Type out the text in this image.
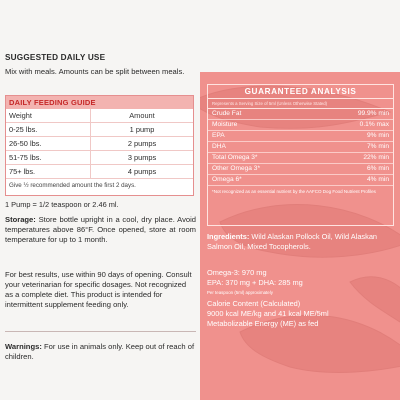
SUGGESTED DAILY USE
Mix with meals. Amounts can be split between meals.
DAILY FEEDING GUIDE
Weight	Amount
0-25 lbs.	1 pump
26-50 lbs.	2 pumps
51-75 lbs.	3 pumps
75+ lbs.	4 pumps
Give ½ recommended amount the first 2 days.
1 Pump = 1/2 teaspoon or 2.46 ml.
Storage: Store bottle upright in a cool, dry place. Avoid temperatures above 86°F. Once opened, store at room temperature for up to 1 month.
For best results, use within 90 days of opening. Consult your veterinarian for specific dosages. Not recognized as a complete diet. This product is intended for intermittent supplement feeding only.
Warnings: For use in animals only. Keep out of reach of children.
GUARANTEED ANALYSIS
Represents a Serving Size of 5ml (Unless Otherwise Stated)
Crude Fat	99.9% min
Moisture	0.1% max
EPA	9% min
DHA	7% min
Total Omega 3*	22% min
Other Omega 3*	6% min
Omega 6*	4% min
*Not recognized as an essential nutrient by the AAFCO Dog Food Nutrient Profiles
Ingredients: Wild Alaskan Pollock Oil, Wild Alaskan Salmon Oil, Mixed Tocopherols.
Omega-3: 970 mg
EPA: 370 mg + DHA: 285 mg
Per teaspoon (5ml) approximately
Calorie Content (Calculated)
9000 kcal ME/kg and 41 kcal ME/5ml
Metabolizable Energy (ME) as fed
